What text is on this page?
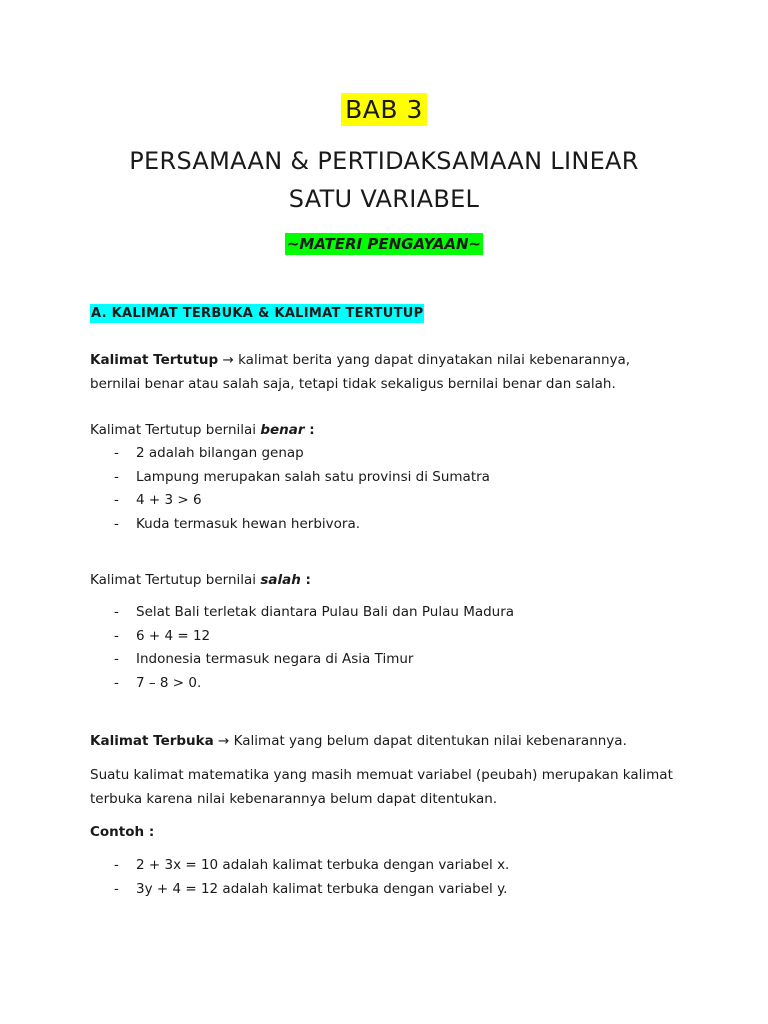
BAB 3
PERSAMAAN & PERTIDAKSAMAAN LINEAR
SATU VARIABEL
~MATERI PENGAYAAN~
A. KALIMAT TERBUKA & KALIMAT TERTUTUP

Kalimat Tertutup → kalimat berita yang dapat dinyatakan nilai kebenarannya,

bernilai benar atau salah saja, tetapi tidak sekaligus bernilai benar dan salah.

Kalimat Tertutup bernilai benar :

- 2 adalah bilangan genap
- Lampung merupakan salah satu provinsi di Sumatra
- 4 + 3 > 6
- Kuda termasuk hewan herbivora.

Kalimat Tertutup bernilai salah :

- Selat Bali terletak diantara Pulau Bali dan Pulau Madura
- 6 + 4 = 12
- Indonesia termasuk negara di Asia Timur
- 7 – 8 > 0.

Kalimat Terbuka → Kalimat yang belum dapat ditentukan nilai kebenarannya.

Suatu kalimat matematika yang masih memuat variabel (peubah) merupakan kalimat

terbuka karena nilai kebenarannya belum dapat ditentukan.

Contoh :

- 2 + 3x = 10 adalah kalimat terbuka dengan variabel x.
- 3y + 4 = 12 adalah kalimat terbuka dengan variabel y.
